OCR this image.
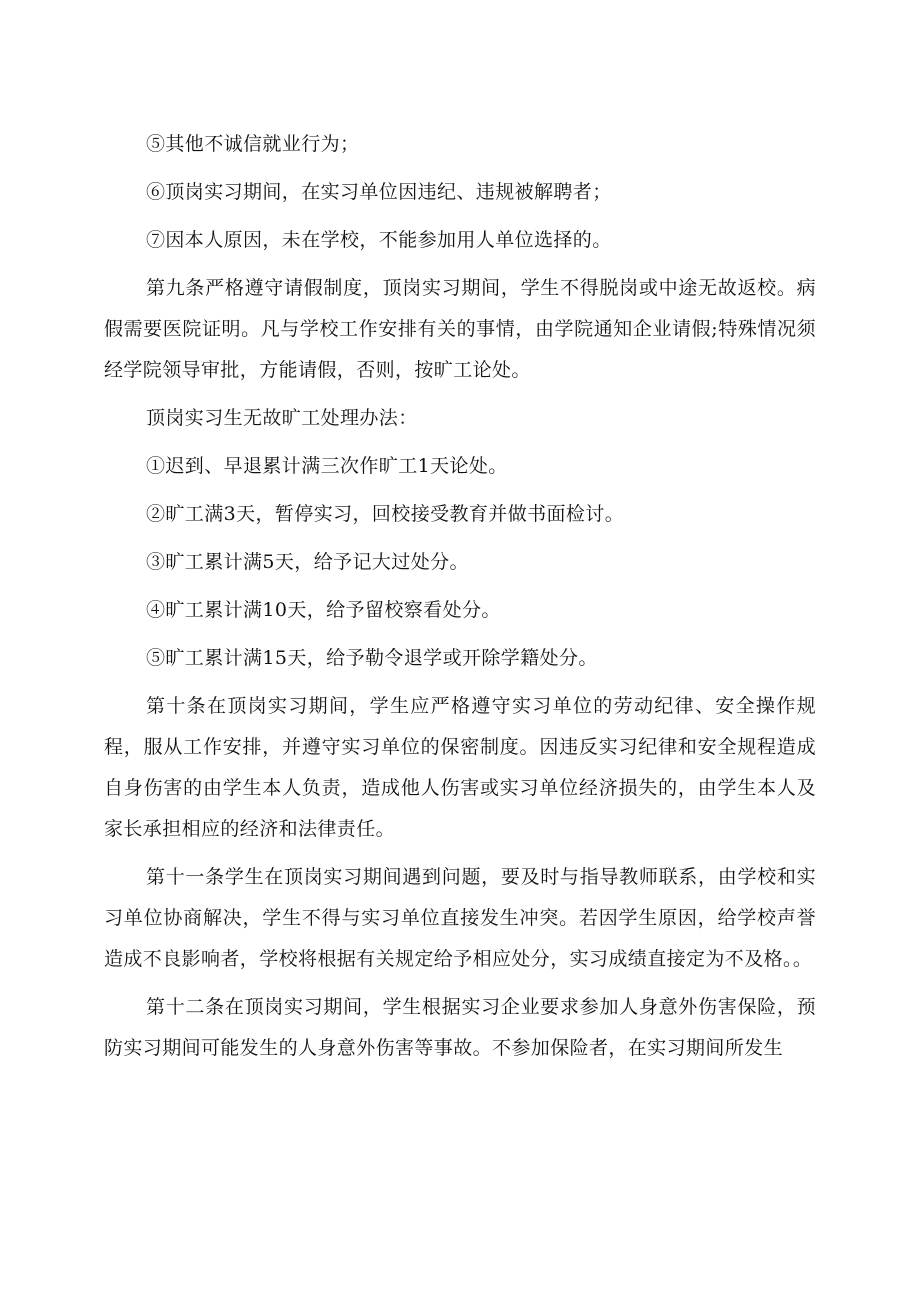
⑤其他不诚信就业行为；

⑥顶岗实习期间，在实习单位因违纪、违规被解聘者；

⑦因本人原因，未在学校，不能参加用人单位选择的。

第九条严格遵守请假制度，顶岗实习期间，学生不得脱岗或中途无故返校。病假需要医院证明。凡与学校工作安排有关的事情，由学院通知企业请假;特殊情况须经学院领导审批，方能请假，否则，按旷工论处。

顶岗实习生无故旷工处理办法：

①迟到、早退累计满三次作旷工1天论处。

②旷工满3天，暂停实习，回校接受教育并做书面检讨。

③旷工累计满5天，给予记大过处分。

④旷工累计满10天，给予留校察看处分。

⑤旷工累计满15天，给予勒令退学或开除学籍处分。

第十条在顶岗实习期间，学生应严格遵守实习单位的劳动纪律、安全操作规程，服从工作安排，并遵守实习单位的保密制度。因违反实习纪律和安全规程造成自身伤害的由学生本人负责，造成他人伤害或实习单位经济损失的，由学生本人及家长承担相应的经济和法律责任。

第十一条学生在顶岗实习期间遇到问题，要及时与指导教师联系，由学校和实习单位协商解决，学生不得与实习单位直接发生冲突。若因学生原因，给学校声誉造成不良影响者，学校将根据有关规定给予相应处分，实习成绩直接定为不及格。。

第十二条在顶岗实习期间，学生根据实习企业要求参加人身意外伤害保险，预防实习期间可能发生的人身意外伤害等事故。不参加保险者，在实习期间所发生
